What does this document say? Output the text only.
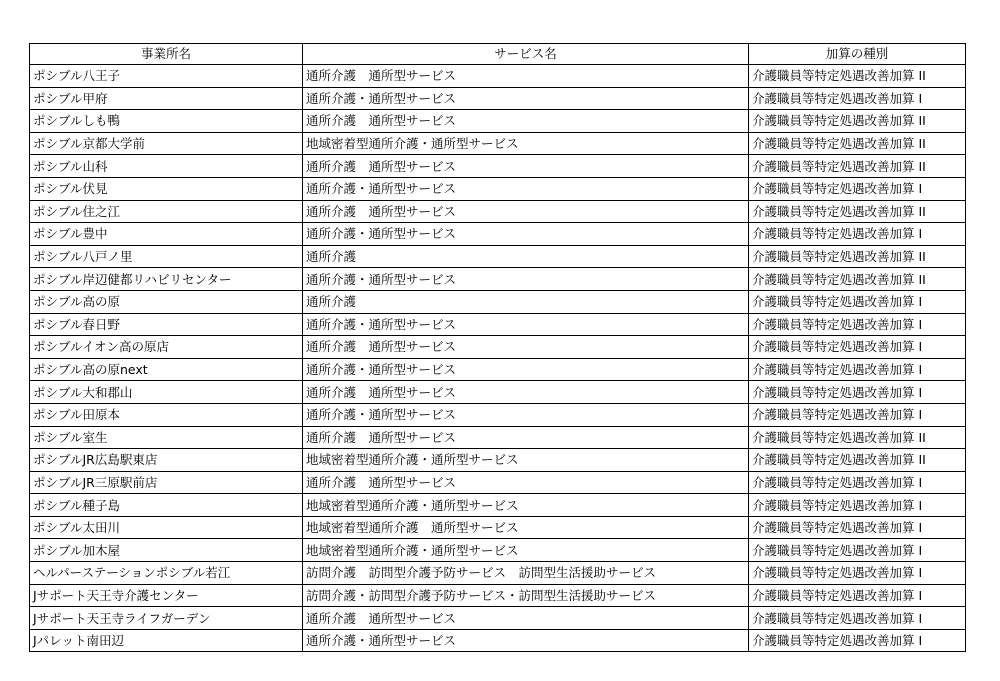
事業所名	サービス名	加算の種別
ポシブル八王子	通所介護　通所型サービス	介護職員等特定処遇改善加算 II
ポシブル甲府	通所介護・通所型サービス	介護職員等特定処遇改善加算 I
ポシブルしも鴨	通所介護　通所型サービス	介護職員等特定処遇改善加算 II
ポシブル京都大学前	地域密着型通所介護・通所型サービス	介護職員等特定処遇改善加算 II
ポシブル山科	通所介護　通所型サービス	介護職員等特定処遇改善加算 II
ポシブル伏見	通所介護・通所型サービス	介護職員等特定処遇改善加算 I
ポシブル住之江	通所介護　通所型サービス	介護職員等特定処遇改善加算 II
ポシブル豊中	通所介護・通所型サービス	介護職員等特定処遇改善加算 I
ポシブル八戸ノ里	通所介護	介護職員等特定処遇改善加算 II
ポシブル岸辺健都リハビリセンター	通所介護・通所型サービス	介護職員等特定処遇改善加算 II
ポシブル高の原	通所介護	介護職員等特定処遇改善加算 I
ポシブル春日野	通所介護・通所型サービス	介護職員等特定処遇改善加算 I
ポシブルイオン高の原店	通所介護　通所型サービス	介護職員等特定処遇改善加算 I
ポシブル高の原next	通所介護・通所型サービス	介護職員等特定処遇改善加算 I
ポシブル大和郡山	通所介護　通所型サービス	介護職員等特定処遇改善加算 I
ポシブル田原本	通所介護・通所型サービス	介護職員等特定処遇改善加算 I
ポシブル室生	通所介護　通所型サービス	介護職員等特定処遇改善加算 II
ポシブルJR広島駅東店	地域密着型通所介護・通所型サービス	介護職員等特定処遇改善加算 II
ポシブルJR三原駅前店	通所介護　通所型サービス	介護職員等特定処遇改善加算 I
ポシブル種子島	地域密着型通所介護・通所型サービス	介護職員等特定処遇改善加算 I
ポシブル太田川	地域密着型通所介護　通所型サービス	介護職員等特定処遇改善加算 I
ポシブル加木屋	地域密着型通所介護・通所型サービス	介護職員等特定処遇改善加算 I
ヘルパーステーションポシブル若江	訪問介護　訪問型介護予防サービス　訪問型生活援助サービス	介護職員等特定処遇改善加算 I
Jサポート天王寺介護センター	訪問介護・訪問型介護予防サービス・訪問型生活援助サービス	介護職員等特定処遇改善加算 I
Jサポート天王寺ライフガーデン	通所介護　通所型サービス	介護職員等特定処遇改善加算 I
Jパレット南田辺	通所介護・通所型サービス	介護職員等特定処遇改善加算 I
